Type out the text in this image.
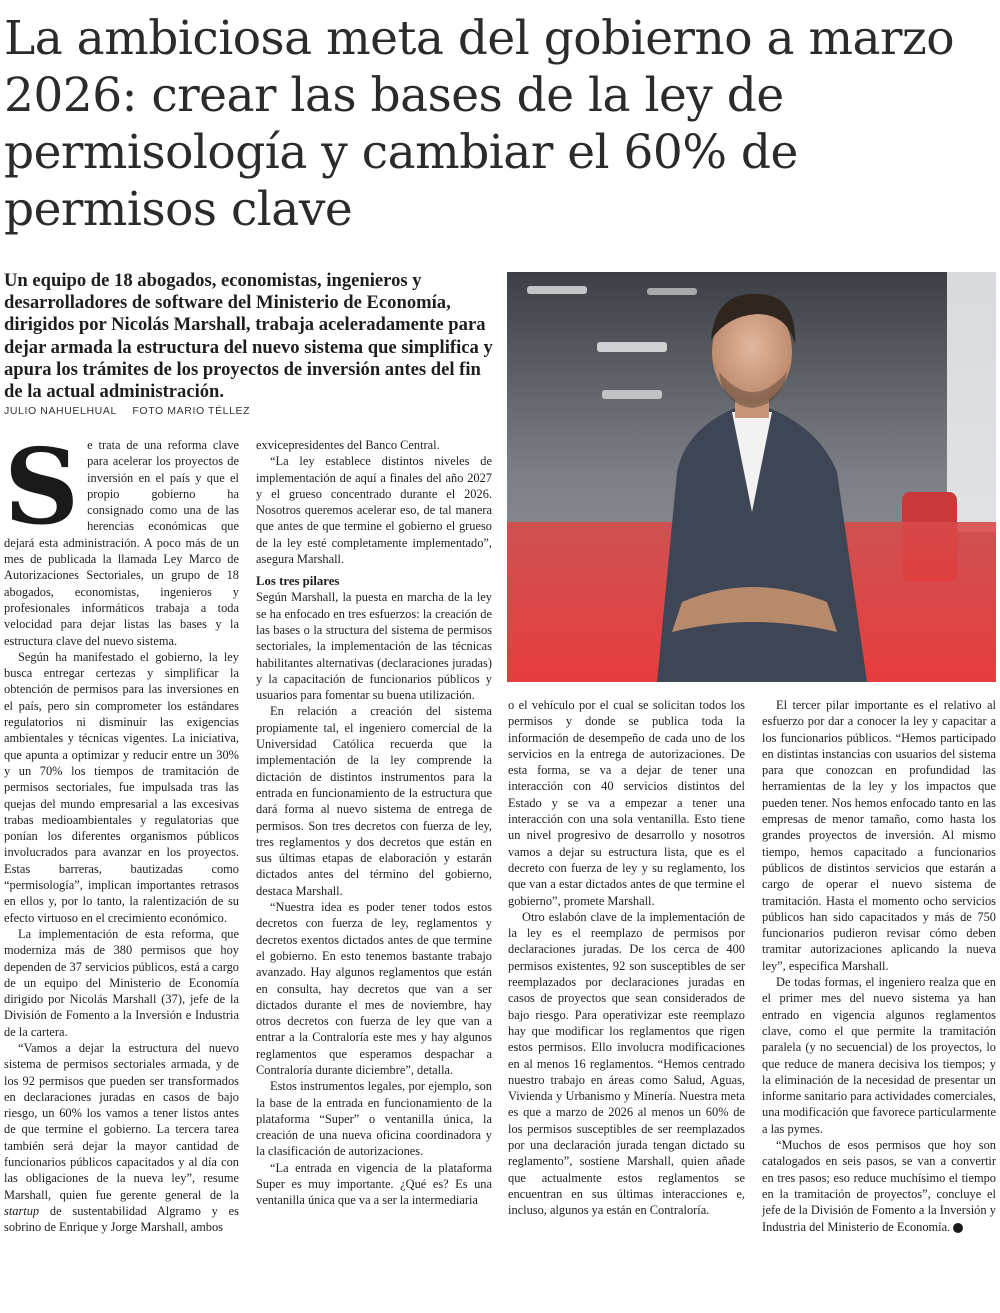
La ambiciosa meta del gobierno a marzo 2026: crear las bases de la ley de permisología y cambiar el 60% de permisos clave

Un equipo de 18 abogados, economistas, ingenieros y desarrolladores de software del Ministerio de Economía, dirigidos por Nicolás Marshall, trabaja aceleradamente para dejar armada la estructura del nuevo sistema que simplifica y apura los trámites de los proyectos de inversión antes del fin de la actual administración.

JULIO NAHUELHUAL FOTO MARIO TÉLLEZ

Se trata de una reforma clave para acelerar los proyectos de inversión en el país y que el propio gobierno ha consignado como una de las herencias económicas que dejará esta administración. A poco más de un mes de publicada la llamada Ley Marco de Autorizaciones Sectoriales, un grupo de 18 abogados, economistas, ingenieros y profesionales informáticos trabaja a toda velocidad para dejar listas las bases y la estructura clave del nuevo sistema.

Según ha manifestado el gobierno, la ley busca entregar certezas y simplificar la obtención de permisos para las inversiones en el país, pero sin comprometer los estándares regulatorios ni disminuir las exigencias ambientales y técnicas vigentes. La iniciativa, que apunta a optimizar y reducir entre un 30% y un 70% los tiempos de tramitación de permisos sectoriales, fue impulsada tras las quejas del mundo empresarial a las excesivas trabas medioambientales y regulatorias que ponían los diferentes organismos públicos involucrados para avanzar en los proyectos. Estas barreras, bautizadas como “permisología”, implican importantes retrasos en ellos y, por lo tanto, la ralentización de su efecto virtuoso en el crecimiento económico.

La implementación de esta reforma, que moderniza más de 380 permisos que hoy dependen de 37 servicios públicos, está a cargo de un equipo del Ministerio de Economía dirigido por Nicolás Marshall (37), jefe de la División de Fomento a la Inversión e Industria de la cartera.

“Vamos a dejar la estructura del nuevo sistema de permisos sectoriales armada, y de los 92 permisos que pueden ser transformados en declaraciones juradas en casos de bajo riesgo, un 60% los vamos a tener listos antes de que termine el gobierno. La tercera tarea también será dejar la mayor cantidad de funcionarios públicos capacitados y al día con las obligaciones de la nueva ley”, resume Marshall, quien fue gerente general de la startup de sustentabilidad Algramo y es sobrino de Enrique y Jorge Marshall, ambos

exvicepresidentes del Banco Central.

“La ley establece distintos niveles de implementación de aquí a finales del año 2027 y el grueso concentrado durante el 2026. Nosotros queremos acelerar eso, de tal manera que antes de que termine el gobierno el grueso de la ley esté completamente implementado”, asegura Marshall.

Los tres pilares

Según Marshall, la puesta en marcha de la ley se ha enfocado en tres esfuerzos: la creación de las bases o la structura del sistema de permisos sectoriales, la implementación de las técnicas habilitantes alternativas (declaraciones juradas) y la capacitación de funcionarios públicos y usuarios para fomentar su buena utilización.

En relación a creación del sistema propiamente tal, el ingeniero comercial de la Universidad Católica recuerda que la implementación de la ley comprende la dictación de distintos instrumentos para la entrada en funcionamiento de la estructura que dará forma al nuevo sistema de entrega de permisos. Son tres decretos con fuerza de ley, tres reglamentos y dos decretos que están en sus últimas etapas de elaboración y estarán dictados antes del término del gobierno, destaca Marshall.

“Nuestra idea es poder tener todos estos decretos con fuerza de ley, reglamentos y decretos exentos dictados antes de que termine el gobierno. En esto tenemos bastante trabajo avanzado. Hay algunos reglamentos que están en consulta, hay decretos que van a ser dictados durante el mes de noviembre, hay otros decretos con fuerza de ley que van a entrar a la Contraloría este mes y hay algunos reglamentos que esperamos despachar a Contraloría durante diciembre”, detalla.

Estos instrumentos legales, por ejemplo, son la base de la entrada en funcionamiento de la plataforma “Super” o ventanilla única, la creación de una nueva oficina coordinadora y la clasificación de autorizaciones.

“La entrada en vigencia de la plataforma Super es muy importante. ¿Qué es? Es una ventanilla única que va a ser la intermediaria

o el vehículo por el cual se solicitan todos los permisos y donde se publica toda la información de desempeño de cada uno de los servicios en la entrega de autorizaciones. De esta forma, se va a dejar de tener una interacción con 40 servicios distintos del Estado y se va a empezar a tener una interacción con una sola ventanilla. Esto tiene un nivel progresivo de desarrollo y nosotros vamos a dejar su estructura lista, que es el decreto con fuerza de ley y su reglamento, los que van a estar dictados antes de que termine el gobierno”, promete Marshall.

Otro eslabón clave de la implementación de la ley es el reemplazo de permisos por declaraciones juradas. De los cerca de 400 permisos existentes, 92 son susceptibles de ser reemplazados por declaraciones juradas en casos de proyectos que sean considerados de bajo riesgo. Para operativizar este reemplazo hay que modificar los reglamentos que rigen estos permisos. Ello involucra modificaciones en al menos 16 reglamentos. “Hemos centrado nuestro trabajo en áreas como Salud, Aguas, Vivienda y Urbanismo y Minería. Nuestra meta es que a marzo de 2026 al menos un 60% de los permisos susceptibles de ser reemplazados por una declaración jurada tengan dictado su reglamento”, sostiene Marshall, quien añade que actualmente estos reglamentos se encuentran en sus últimas interacciones e, incluso, algunos ya están en Contraloría.

El tercer pilar importante es el relativo al esfuerzo por dar a conocer la ley y capacitar a los funcionarios públicos. “Hemos participado en distintas instancias con usuarios del sistema para que conozcan en profundidad las herramientas de la ley y los impactos que pueden tener. Nos hemos enfocado tanto en las empresas de menor tamaño, como hasta los grandes proyectos de inversión. Al mismo tiempo, hemos capacitado a funcionarios públicos de distintos servicios que estarán a cargo de operar el nuevo sistema de tramitación. Hasta el momento ocho servicios públicos han sido capacitados y más de 750 funcionarios pudieron revisar cómo deben tramitar autorizaciones aplicando la nueva ley”, especifica Marshall.

De todas formas, el ingeniero realza que en el primer mes del nuevo sistema ya han entrado en vigencia algunos reglamentos clave, como el que permite la tramitación paralela (y no secuencial) de los proyectos, lo que reduce de manera decisiva los tiempos; y la eliminación de la necesidad de presentar un informe sanitario para actividades comerciales, una modificación que favorece particularmente a las pymes.

“Muchos de esos permisos que hoy son catalogados en seis pasos, se van a convertir en tres pasos; eso reduce muchísimo el tiempo en la tramitación de proyectos”, concluye el jefe de la División de Fomento a la Inversión y Industria del Ministerio de Economía. P
